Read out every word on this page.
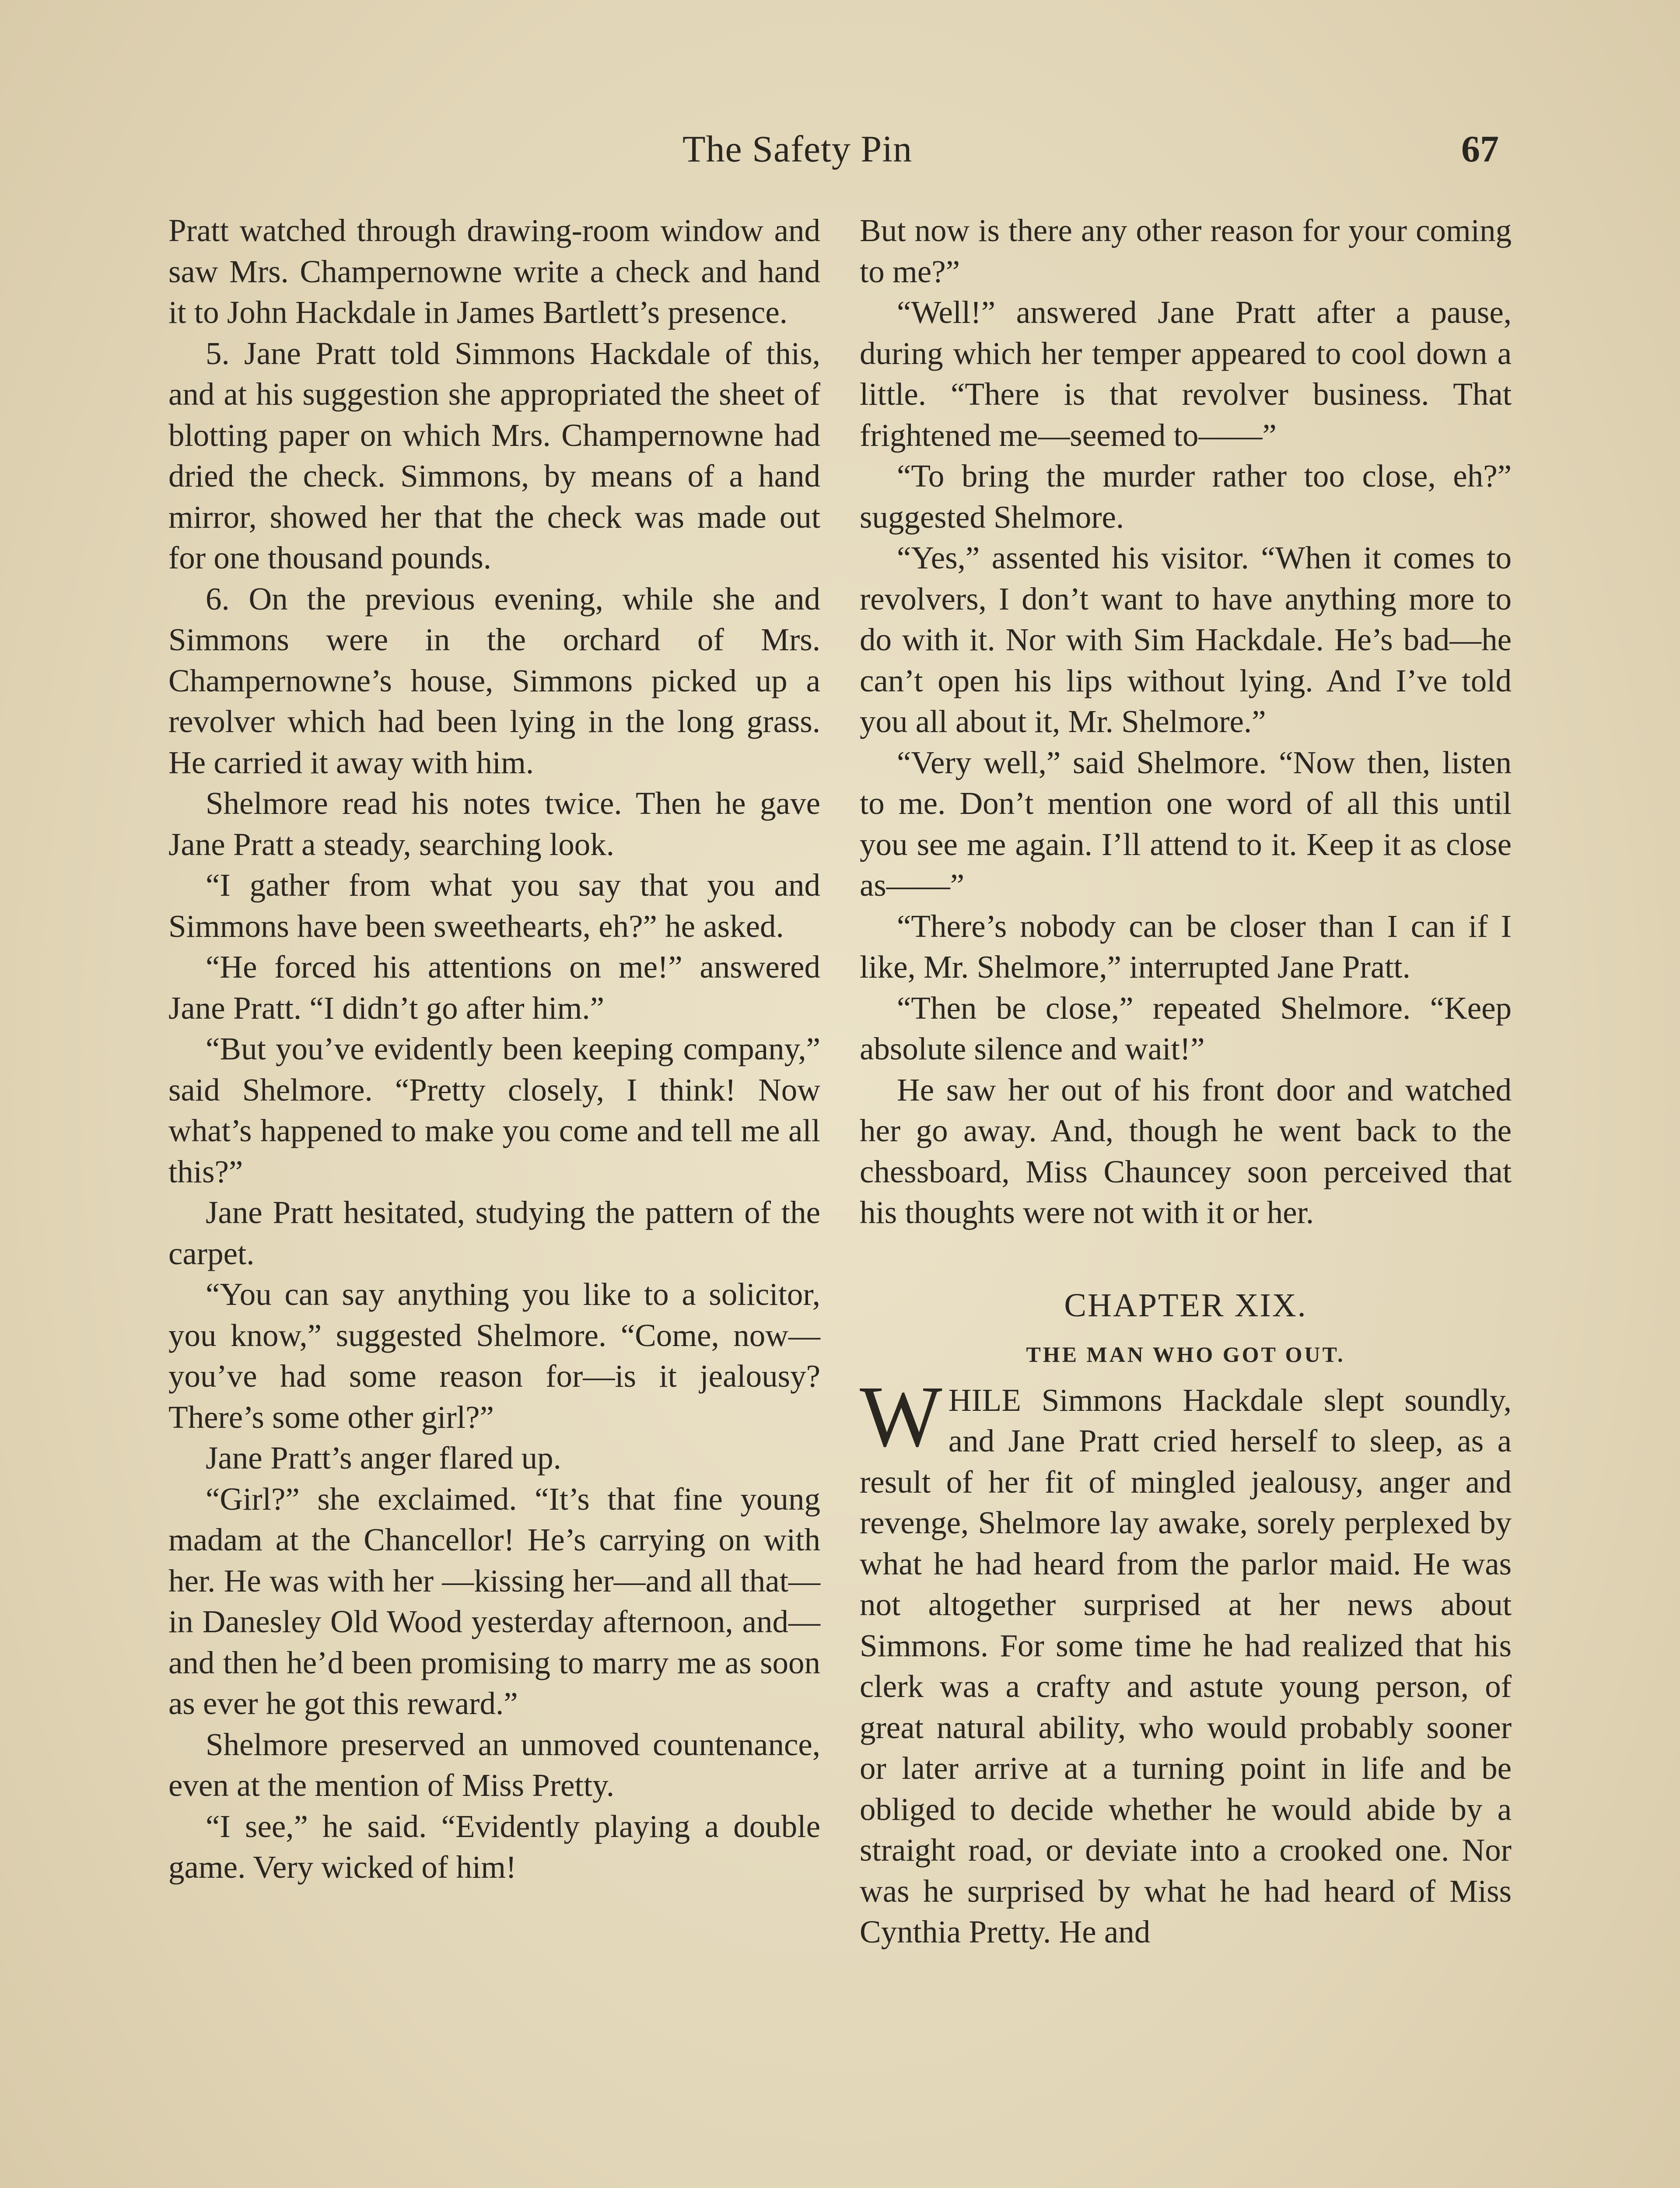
The Safety Pin	67

Pratt watched through drawing-room window and saw Mrs. Champernowne write a check and hand it to John Hackdale in James Bartlett’s presence.

5. Jane Pratt told Simmons Hackdale of this, and at his suggestion she appropriated the sheet of blotting paper on which Mrs. Champernowne had dried the check. Simmons, by means of a hand mirror, showed her that the check was made out for one thousand pounds.

6. On the previous evening, while she and Simmons were in the orchard of Mrs. Champernowne’s house, Simmons picked up a revolver which had been lying in the long grass. He carried it away with him.

Shelmore read his notes twice. Then he gave Jane Pratt a steady, searching look.

“I gather from what you say that you and Simmons have been sweethearts, eh?” he asked.

“He forced his attentions on me!” answered Jane Pratt. “I didn’t go after him.”

“But you’ve evidently been keeping company,” said Shelmore. “Pretty closely, I think! Now what’s happened to make you come and tell me all this?”

Jane Pratt hesitated, studying the pattern of the carpet.

“You can say anything you like to a solicitor, you know,” suggested Shelmore. “Come, now—you’ve had some reason for—is it jealousy? There’s some other girl?”

Jane Pratt’s anger flared up.

“Girl?” she exclaimed. “It’s that fine young madam at the Chancellor! He’s carrying on with her. He was with her —kissing her—and all that—in Danesley Old Wood yesterday afternoon, and— and then he’d been promising to marry me as soon as ever he got this reward.”

Shelmore preserved an unmoved countenance, even at the mention of Miss Pretty.

“I see,” he said. “Evidently playing a double game. Very wicked of him!

But now is there any other reason for your coming to me?”

“Well!” answered Jane Pratt after a pause, during which her temper appeared to cool down a little. “There is that revolver business. That frightened me—seemed to——”

“To bring the murder rather too close, eh?” suggested Shelmore.

“Yes,” assented his visitor. “When it comes to revolvers, I don’t want to have anything more to do with it. Nor with Sim Hackdale. He’s bad—he can’t open his lips without lying. And I’ve told you all about it, Mr. Shelmore.”

“Very well,” said Shelmore. “Now then, listen to me. Don’t mention one word of all this until you see me again. I’ll attend to it. Keep it as close as——”

“There’s nobody can be closer than I can if I like, Mr. Shelmore,” interrupted Jane Pratt.

“Then be close,” repeated Shelmore. “Keep absolute silence and wait!”

He saw her out of his front door and watched her go away. And, though he went back to the chessboard, Miss Chauncey soon perceived that his thoughts were not with it or her.

CHAPTER XIX.
THE MAN WHO GOT OUT.

WHILE Simmons Hackdale slept soundly, and Jane Pratt cried herself to sleep, as a result of her fit of mingled jealousy, anger and revenge, Shelmore lay awake, sorely perplexed by what he had heard from the parlor maid. He was not altogether surprised at her news about Simmons. For some time he had realized that his clerk was a crafty and astute young person, of great natural ability, who would probably sooner or later arrive at a turning point in life and be obliged to decide whether he would abide by a straight road, or deviate into a crooked one. Nor was he surprised by what he had heard of Miss Cynthia Pretty. He and
